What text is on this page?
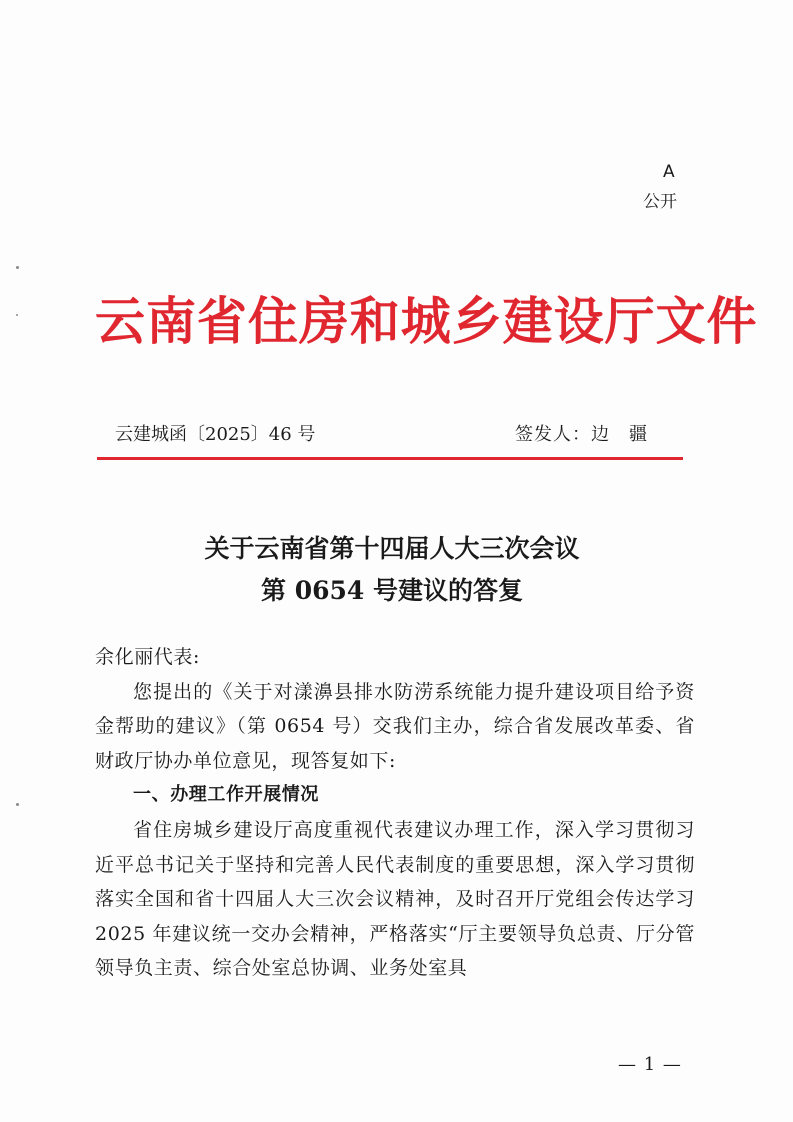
A
公开
云南省住房和城乡建设厅文件
云建城函〔2025〕46 号	签发人：边　疆
关于云南省第十四届人大三次会议
第 0654 号建议的答复

余化丽代表:

您提出的《关于对漾濞县排水防涝系统能力提升建设项目给予资金帮助的建议》（第 0654 号）交我们主办，综合省发展改革委、省财政厅协办单位意见，现答复如下:

一、办理工作开展情况

省住房城乡建设厅高度重视代表建议办理工作，深入学习贯彻习近平总书记关于坚持和完善人民代表制度的重要思想，深入学习贯彻落实全国和省十四届人大三次会议精神，及时召开厅党组会传达学习 2025 年建议统一交办会精神，严格落实“厅主要领导负总责、厅分管领导负主责、综合处室总协调、业务处室具

— 1 —
